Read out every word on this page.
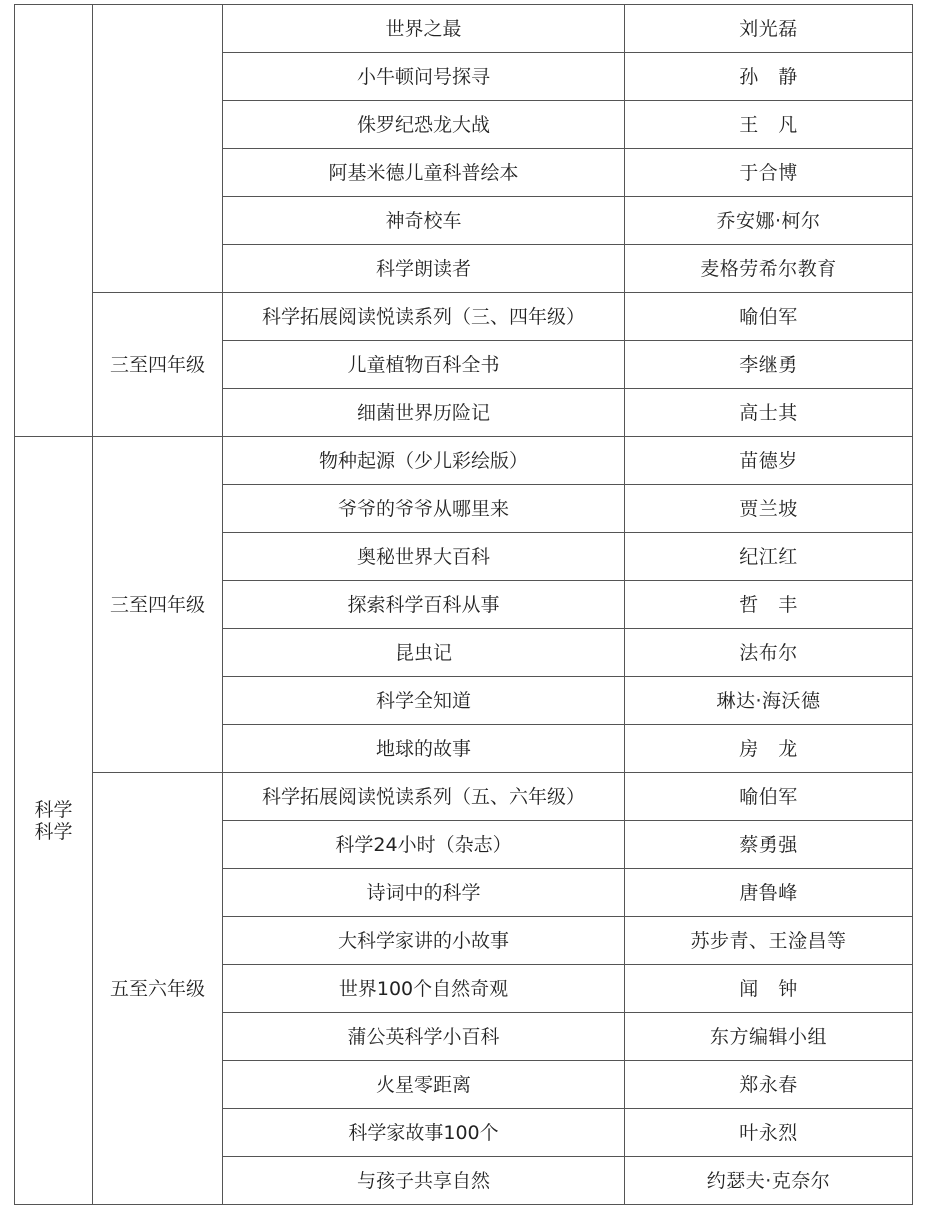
		世界之最	刘光磊
		小牛顿问号探寻	孙　静
		侏罗纪恐龙大战	王　凡
		阿基米德儿童科普绘本	于合博
		神奇校车	乔安娜·柯尔
		科学朗读者	麦格劳希尔教育
	三至四年级	科学拓展阅读悦读系列（三、四年级）	喻伯军
		儿童植物百科全书	李继勇
		细菌世界历险记	高士其

科学
科学	三至四年级	物种起源（少儿彩绘版）	苗德岁
		爷爷的爷爷从哪里来	贾兰坡
		奥秘世界大百科	纪江红
		探索科学百科从事	哲　丰
		昆虫记	法布尔
		科学全知道	琳达·海沃德
		地球的故事	房　龙
	五至六年级	科学拓展阅读悦读系列（五、六年级）	喻伯军
		科学24小时（杂志）	蔡勇强
		诗词中的科学	唐鲁峰
		大科学家讲的小故事	苏步青、王淦昌等
		世界100个自然奇观	闻　钟
		蒲公英科学小百科	东方编辑小组
		火星零距离	郑永春
		科学家故事100个	叶永烈
		与孩子共享自然	约瑟夫·克奈尔
